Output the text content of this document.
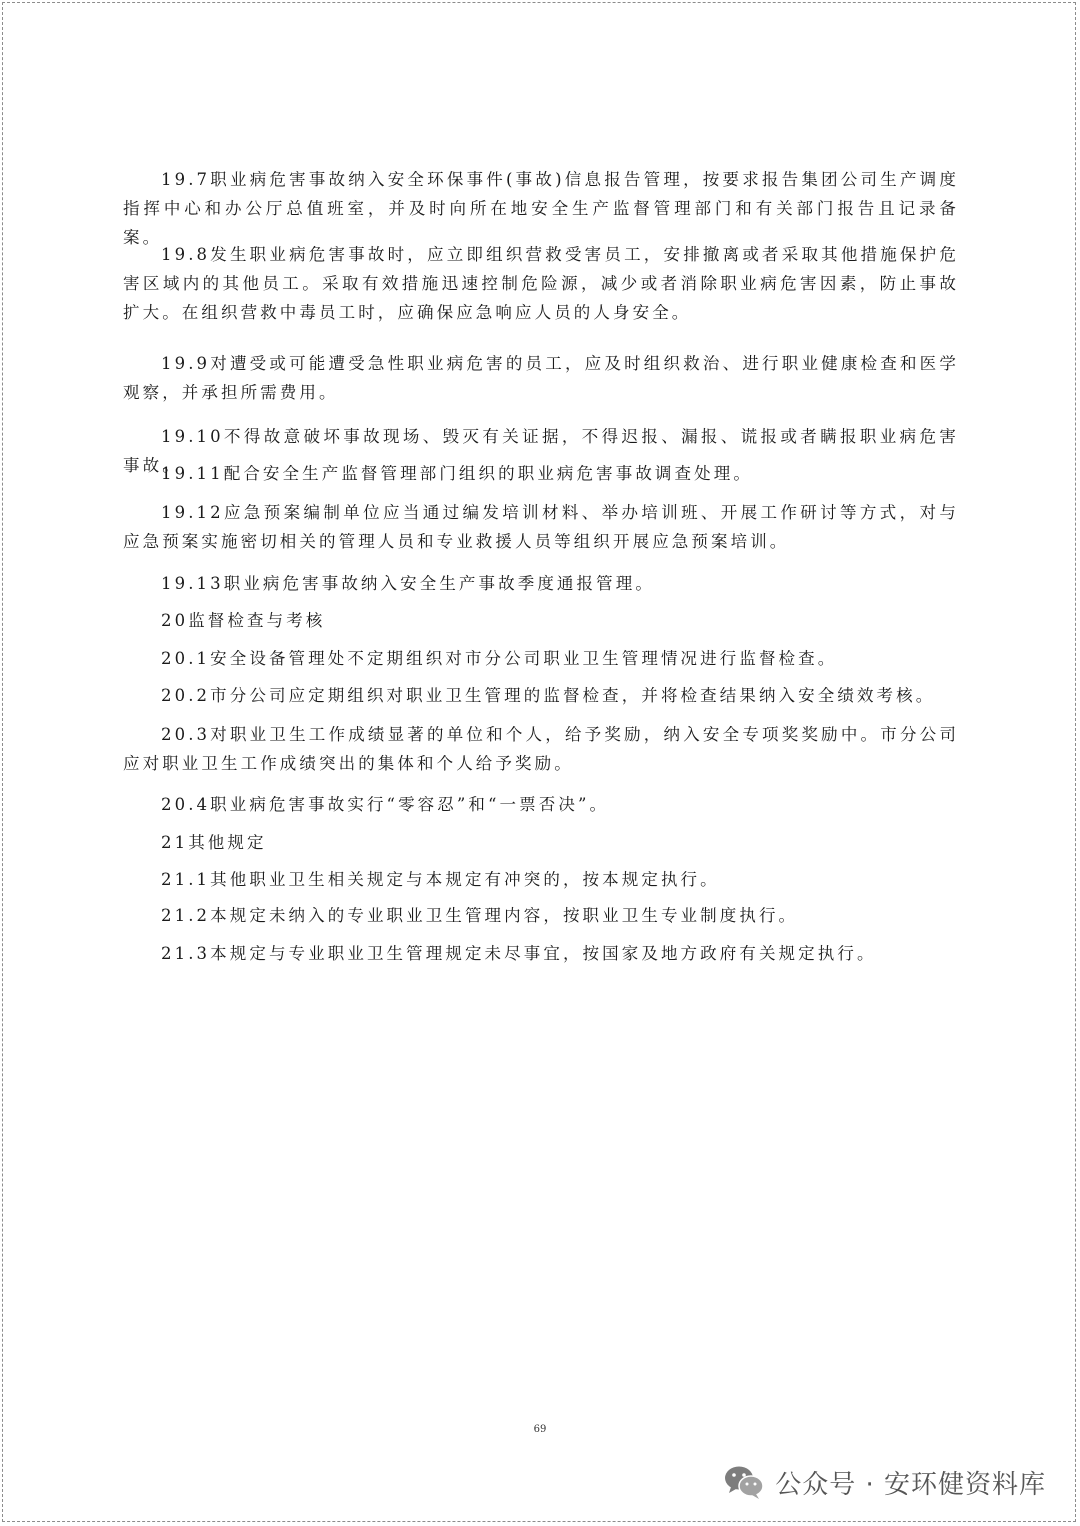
19.7职业病危害事故纳入安全环保事件(事故)信息报告管理，按要求报告集团公司生产调度指挥中心和办公厅总值班室，并及时向所在地安全生产监督管理部门和有关部门报告且记录备案。

19.8发生职业病危害事故时，应立即组织营救受害员工，安排撤离或者采取其他措施保护危害区域内的其他员工。采取有效措施迅速控制危险源，减少或者消除职业病危害因素，防止事故扩大。在组织营救中毒员工时，应确保应急响应人员的人身安全。

19.9对遭受或可能遭受急性职业病危害的员工，应及时组织救治、进行职业健康检查和医学观察，并承担所需费用。

19.10不得故意破坏事故现场、毁灭有关证据，不得迟报、漏报、谎报或者瞒报职业病危害事故。

19.11配合安全生产监督管理部门组织的职业病危害事故调查处理。

19.12应急预案编制单位应当通过编发培训材料、举办培训班、开展工作研讨等方式，对与应急预案实施密切相关的管理人员和专业救援人员等组织开展应急预案培训。

19.13职业病危害事故纳入安全生产事故季度通报管理。

20监督检查与考核

20.1安全设备管理处不定期组织对市分公司职业卫生管理情况进行监督检查。

20.2市分公司应定期组织对职业卫生管理的监督检查，并将检查结果纳入安全绩效考核。

20.3对职业卫生工作成绩显著的单位和个人，给予奖励，纳入安全专项奖奖励中。市分公司应对职业卫生工作成绩突出的集体和个人给予奖励。

20.4职业病危害事故实行“零容忍”和“一票否决”。

21其他规定

21.1其他职业卫生相关规定与本规定有冲突的，按本规定执行。

21.2本规定未纳入的专业职业卫生管理内容，按职业卫生专业制度执行。

21.3本规定与专业职业卫生管理规定未尽事宜，按国家及地方政府有关规定执行。

69
公众号 · 安环健资料库
